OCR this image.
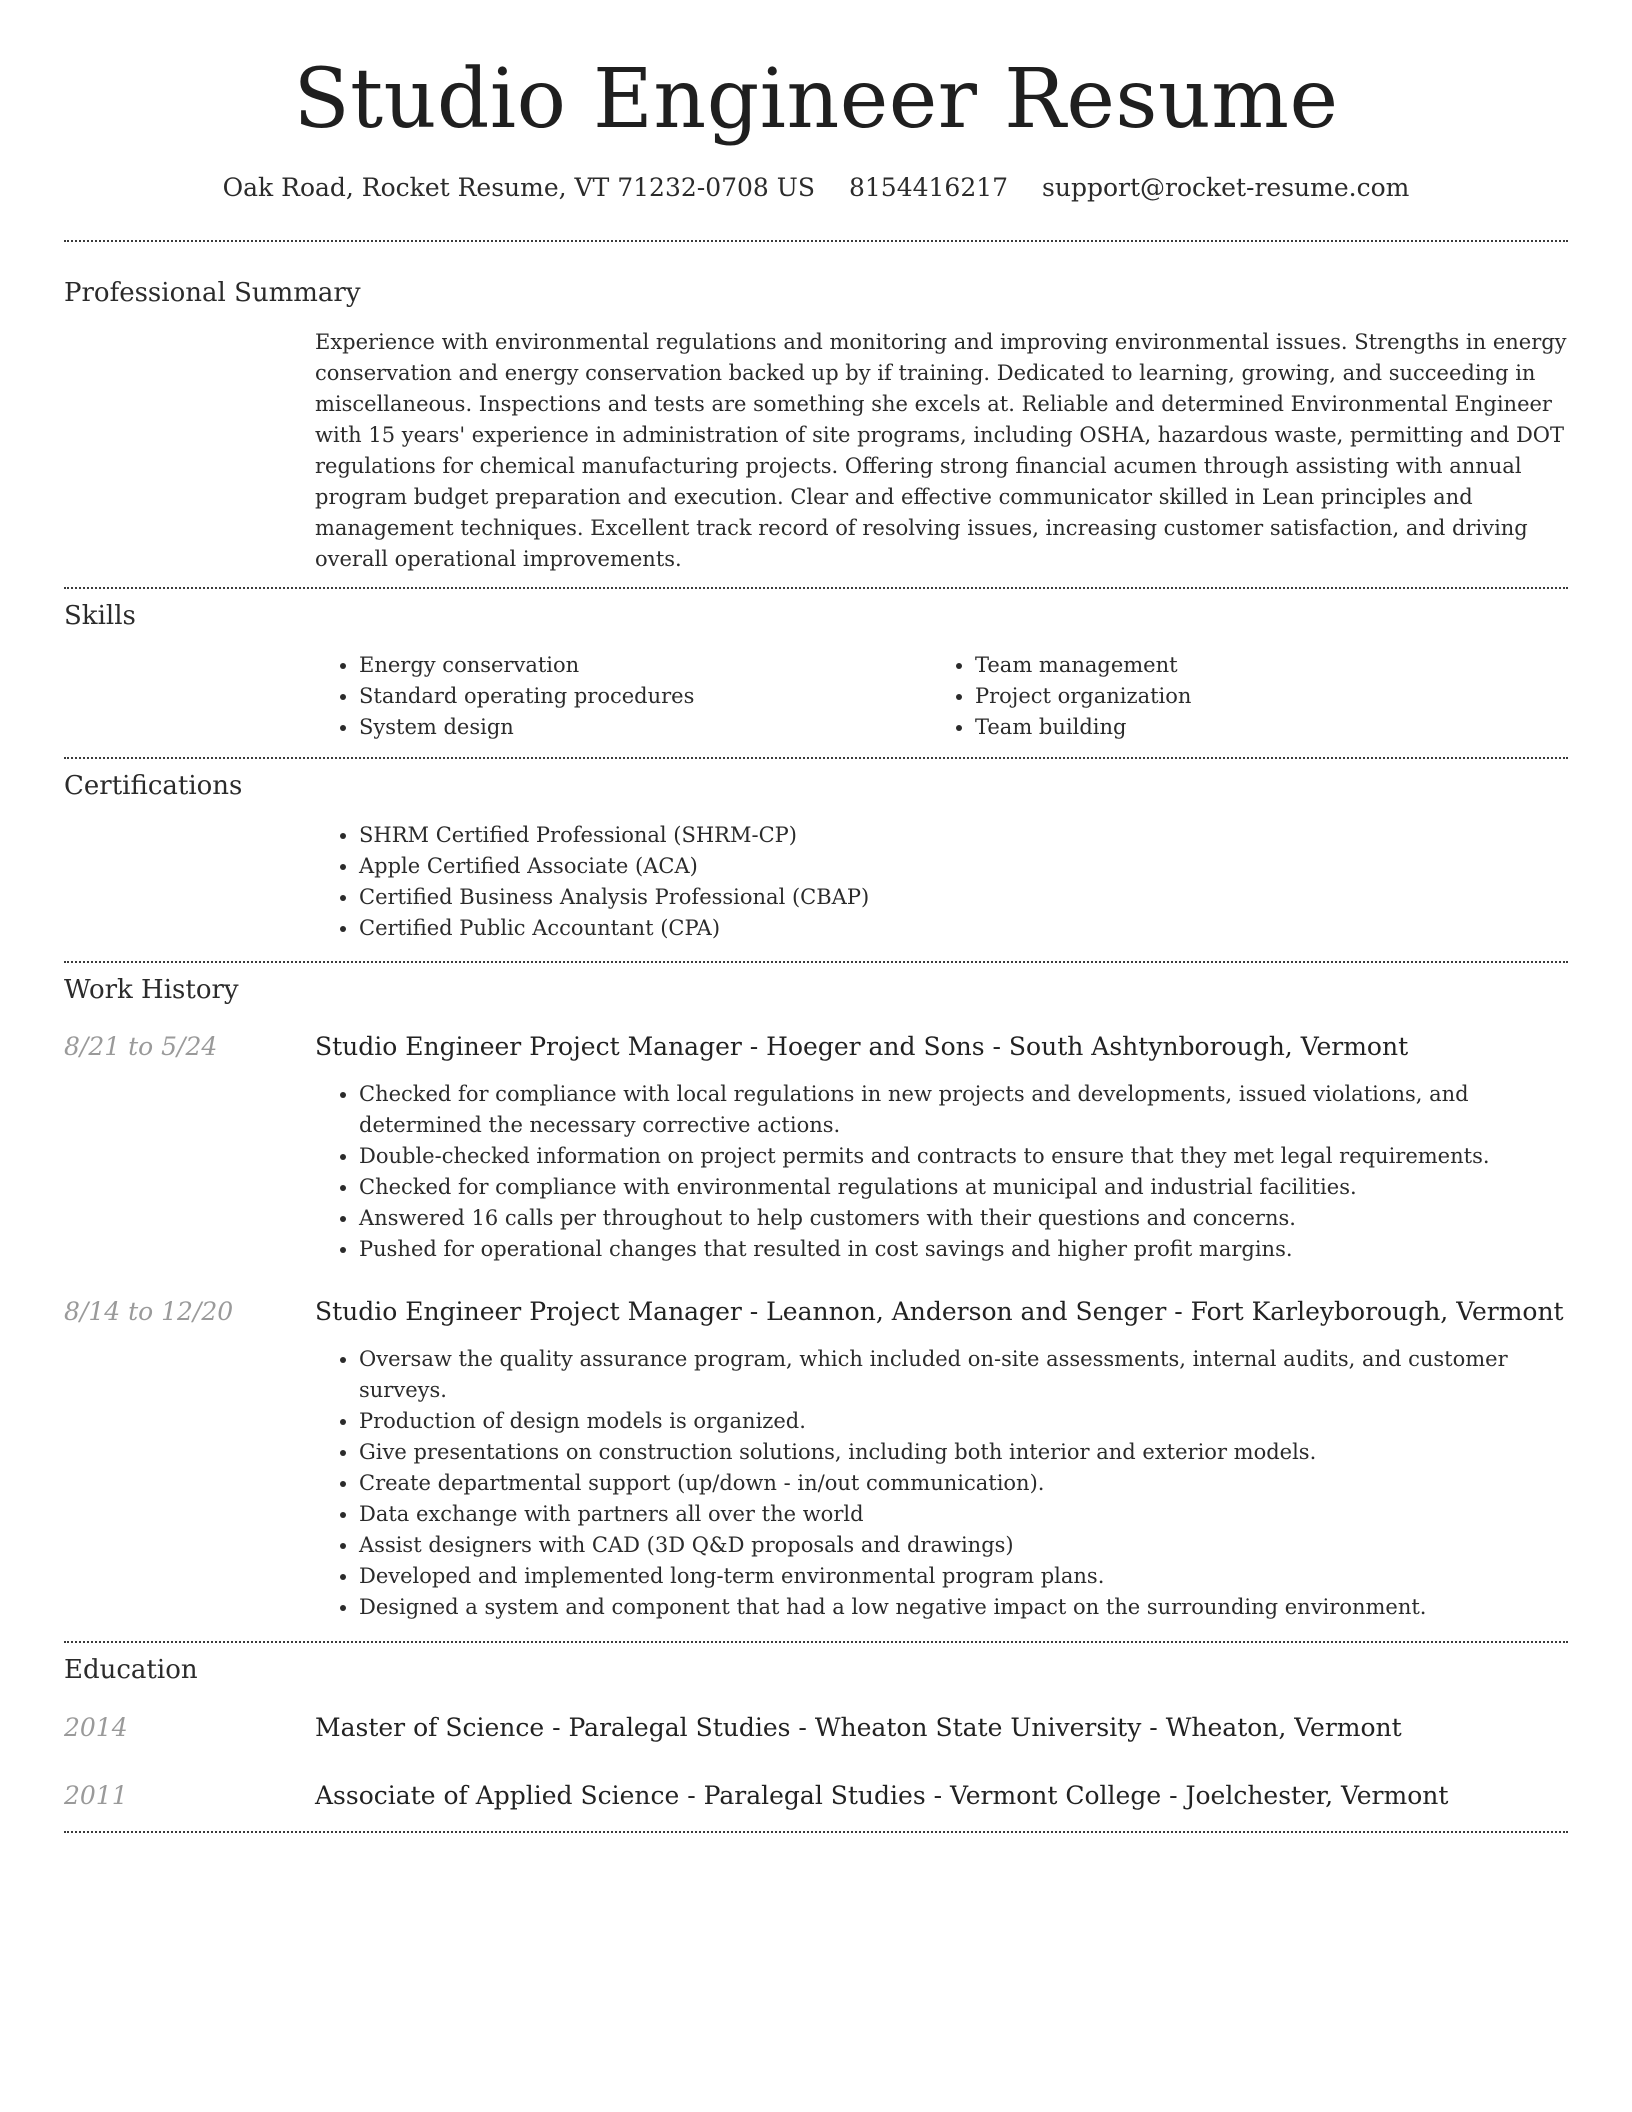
Studio Engineer Resume
Oak Road, Rocket Resume, VT 71232-0708 US 8154416217 support@rocket-resume.com
Professional Summary

Experience with environmental regulations and monitoring and improving environmental issues. Strengths in energy conservation and energy conservation backed up by if training. Dedicated to learning, growing, and succeeding in miscellaneous. Inspections and tests are something she excels at. Reliable and determined Environmental Engineer with 15 years' experience in administration of site programs, including OSHA, hazardous waste, permitting and DOT regulations for chemical manufacturing projects. Offering strong financial acumen through assisting with annual program budget preparation and execution. Clear and effective communicator skilled in Lean principles and management techniques. Excellent track record of resolving issues, increasing customer satisfaction, and driving overall operational improvements.

Skills
• Energy conservation
• Standard operating procedures
• System design
• Team management
• Project organization
• Team building
Certifications
• SHRM Certified Professional (SHRM-CP)
• Apple Certified Associate (ACA)
• Certified Business Analysis Professional (CBAP)
• Certified Public Accountant (CPA)
Work History
8/21 to 5/24	Studio Engineer Project Manager - Hoeger and Sons - South Ashtynborough, Vermont
• Checked for compliance with local regulations in new projects and developments, issued violations, and determined the necessary corrective actions.
• Double-checked information on project permits and contracts to ensure that they met legal requirements.
• Checked for compliance with environmental regulations at municipal and industrial facilities.
• Answered 16 calls per throughout to help customers with their questions and concerns.
• Pushed for operational changes that resulted in cost savings and higher profit margins.
8/14 to 12/20	Studio Engineer Project Manager - Leannon, Anderson and Senger - Fort Karleyborough, Vermont
• Oversaw the quality assurance program, which included on-site assessments, internal audits, and customer surveys.
• Production of design models is organized.
• Give presentations on construction solutions, including both interior and exterior models.
• Create departmental support (up/down - in/out communication).
• Data exchange with partners all over the world
• Assist designers with CAD (3D Q&D proposals and drawings)
• Developed and implemented long-term environmental program plans.
• Designed a system and component that had a low negative impact on the surrounding environment.
Education
2014	Master of Science - Paralegal Studies - Wheaton State University - Wheaton, Vermont
2011	Associate of Applied Science - Paralegal Studies - Vermont College - Joelchester, Vermont
